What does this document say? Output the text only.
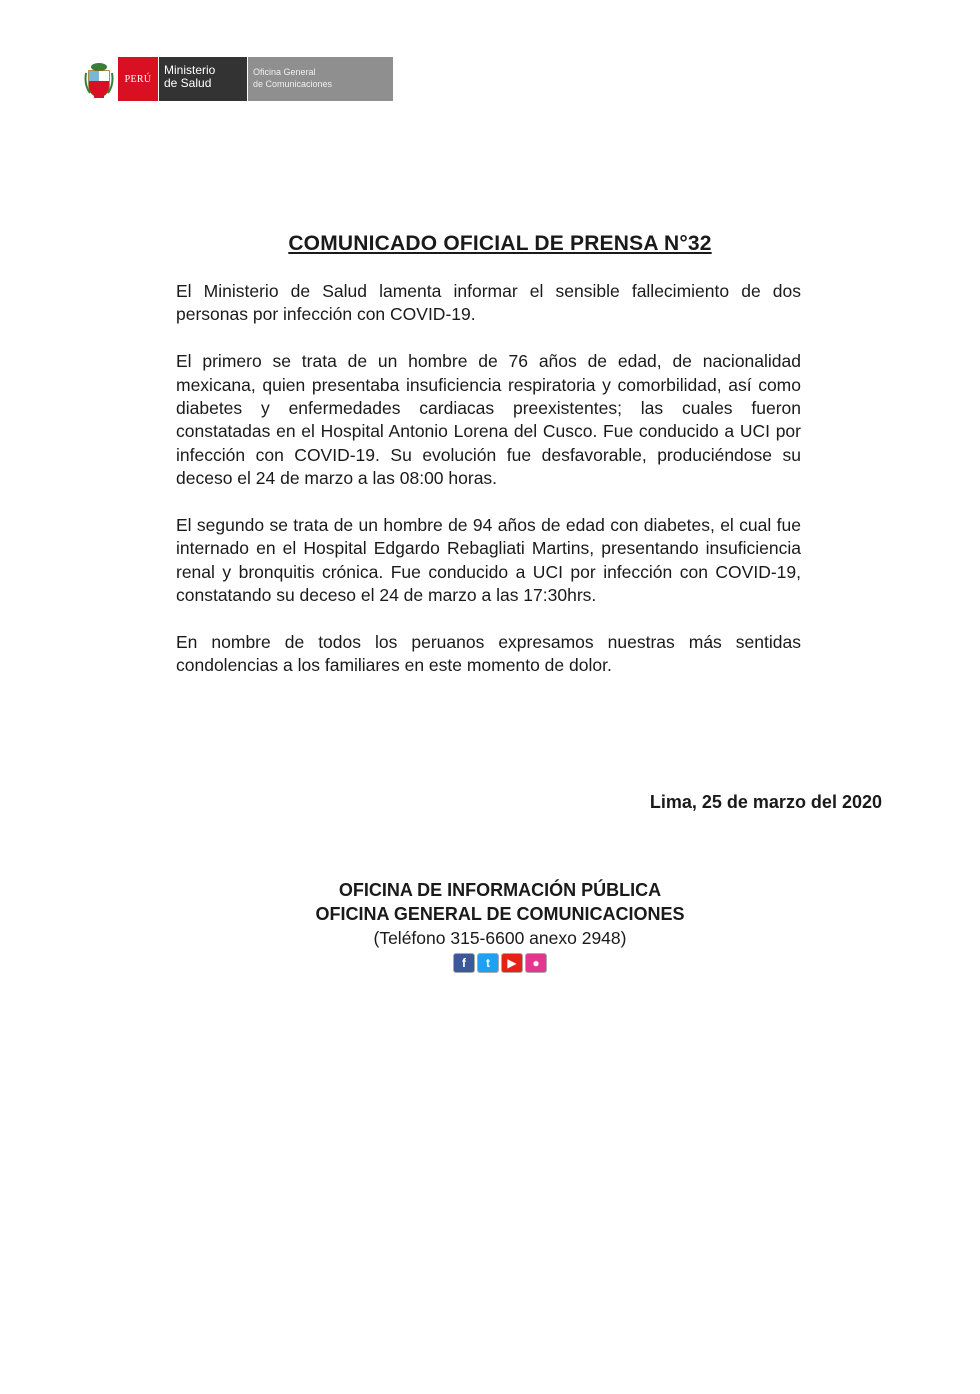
PERÚ
Ministerio
de Salud
Oficina General
de Comunicaciones
COMUNICADO OFICIAL DE PRENSA N°32

El Ministerio de Salud lamenta informar el sensible fallecimiento de dos personas por infección con COVID-19.

El primero se trata de un hombre de 76 años de edad, de nacionalidad mexicana, quien presentaba insuficiencia respiratoria y comorbilidad, así como diabetes y enfermedades cardiacas preexistentes; las cuales fueron constatadas en el Hospital Antonio Lorena del Cusco. Fue conducido a UCI por infección con COVID-19. Su evolución fue desfavorable, produciéndose su deceso el 24 de marzo a las 08:00 horas.

El segundo se trata de un hombre de 94 años de edad con diabetes, el cual fue internado en el Hospital Edgardo Rebagliati Martins, presentando insuficiencia renal y bronquitis crónica. Fue conducido a UCI por infección con COVID-19, constatando su deceso el 24 de marzo a las 17:30hrs.

En nombre de todos los peruanos expresamos nuestras más sentidas condolencias a los familiares en este momento de dolor.

Lima, 25 de marzo del 2020
OFICINA DE INFORMACIÓN PÚBLICA
OFICINA GENERAL DE COMUNICACIONES
(Teléfono 315-6600 anexo 2948)
f	t	▶	●
